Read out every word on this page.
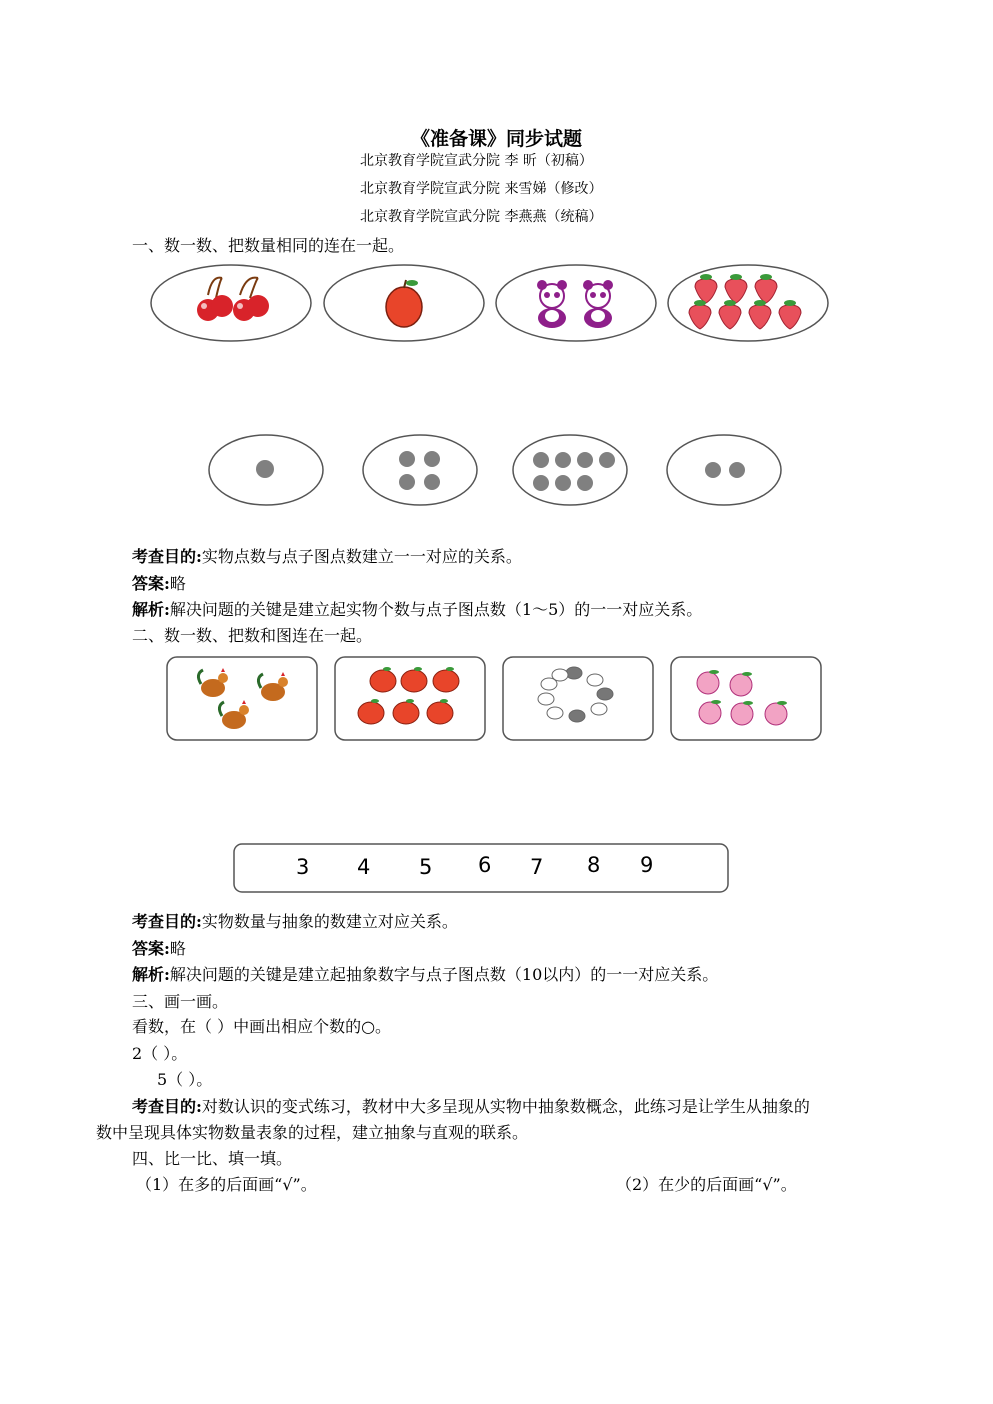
《准备课》同步试题
北京教育学院宣武分院 李 昕（初稿）
北京教育学院宣武分院 来雪娣（修改）
北京教育学院宣武分院 李燕燕（统稿）
一、数一数、把数量相同的连在一起。
3 4 5 6 7 8 9
考查目的:实物点数与点子图点数建立一一对应的关系。
答案:略
解析:解决问题的关键是建立起实物个数与点子图点数（1～5）的一一对应关系。
二、数一数、把数和图连在一起。
考查目的:实物数量与抽象的数建立对应关系。
答案:略
解析:解决问题的关键是建立起抽象数字与点子图点数（10以内）的一一对应关系。
三、画一画。
看数，在（ ）中画出相应个数的○。
2（ ）。
5（ ）。
考查目的:对数认识的变式练习，教材中大多呈现从实物中抽象数概念，此练习是让学生从抽象的
数中呈现具体实物数量表象的过程，建立抽象与直观的联系。
四、比一比、填一填。
（1）在多的后面画“√”。	（2）在少的后面画“√”。
